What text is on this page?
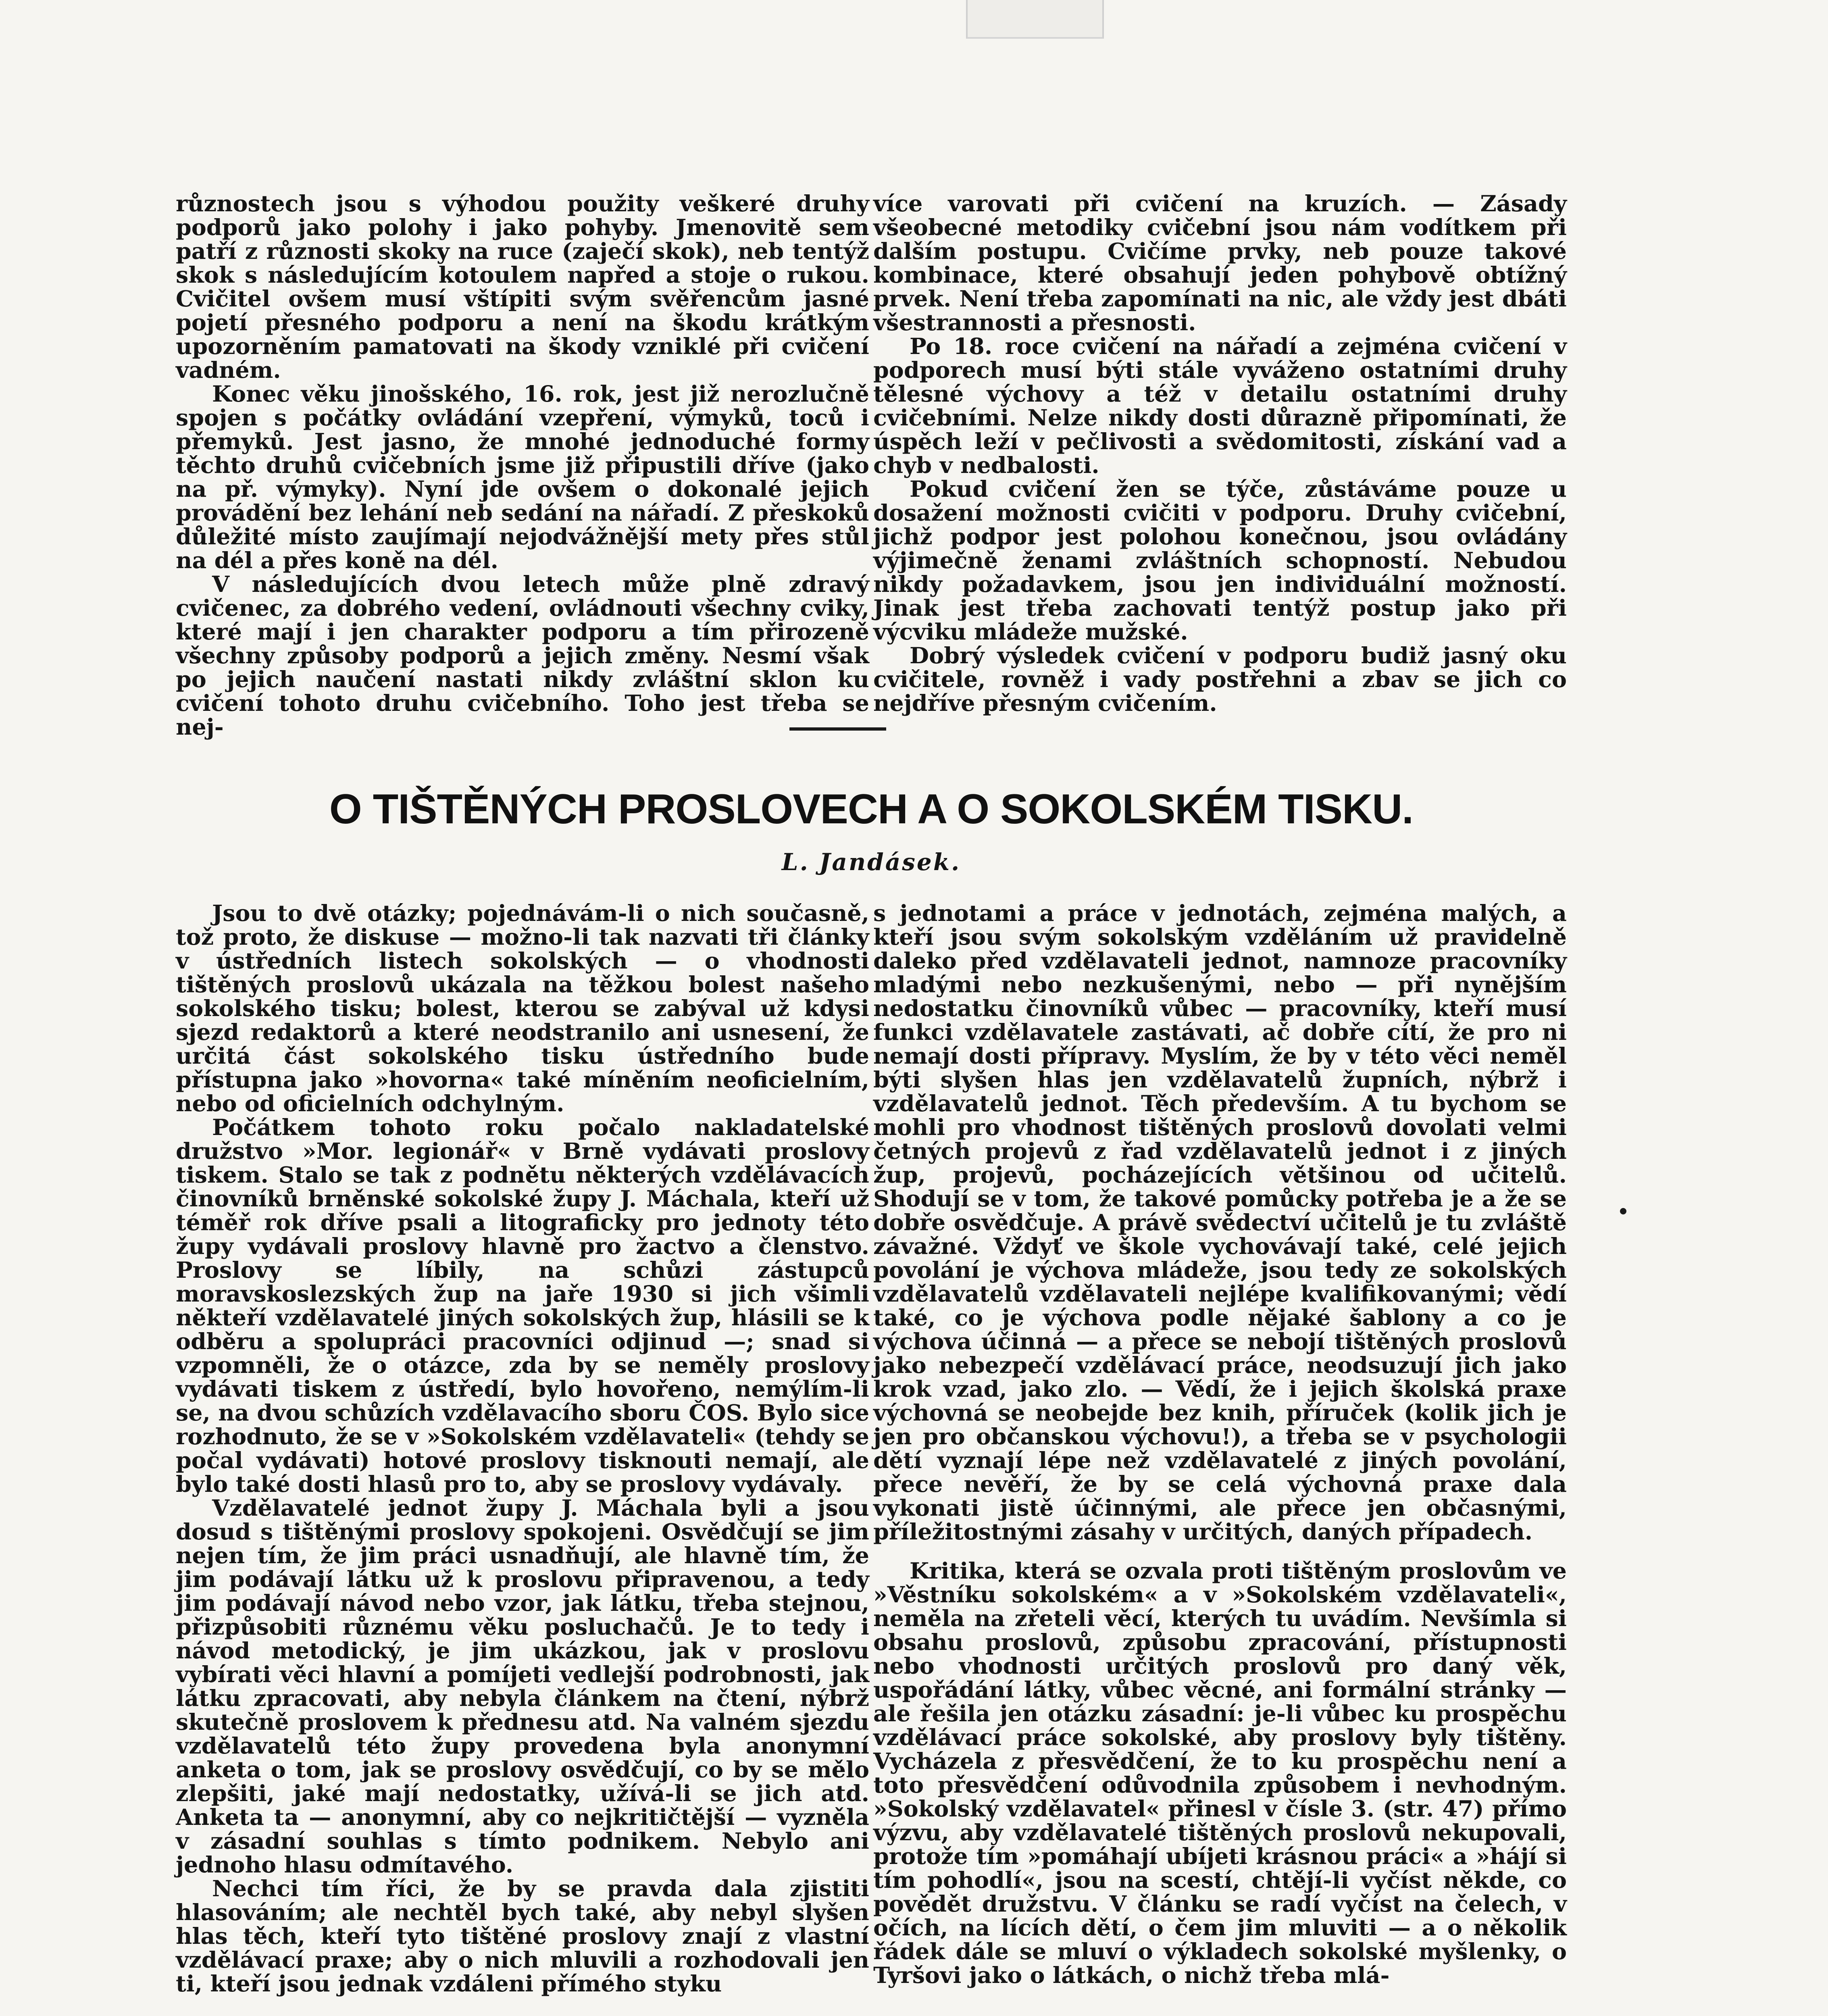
různostech jsou s výhodou použity veškeré druhy podporů jako polohy i jako pohyby. Jmenovitě sem patří z různosti skoky na ruce (zaječí skok), neb tentýž skok s následujícím kotoulem napřed a stoje o rukou. Cvičitel ovšem musí vštípiti svým svěřencům jasné pojetí přesného podporu a není na škodu krátkým upozorněním pamatovati na škody vzniklé při cvičení vadném.

Konec věku jinošského, 16. rok, jest již nerozlučně spojen s počátky ovládání vzepření, výmyků, toců i přemyků. Jest jasno, že mnohé jednoduché formy těchto druhů cvičebních jsme již připustili dříve (jako na př. výmyky). Nyní jde ovšem o dokonalé jejich provádění bez lehání neb sedání na nářadí. Z přeskoků důležité místo zaujímají nejodvážnější mety přes stůl na dél a přes koně na dél.

V následujících dvou letech může plně zdravý cvičenec, za dobrého vedení, ovládnouti všechny cviky, které mají i jen charakter podporu a tím přirozeně všechny způsoby podporů a jejich změny. Nesmí však po jejich naučení nastati nikdy zvláštní sklon ku cvičení tohoto druhu cvičebního. Toho jest třeba se nej-

více varovati při cvičení na kruzích. — Zásady všeobecné metodiky cvičební jsou nám vodítkem při dalším postupu. Cvičíme prvky, neb pouze takové kombinace, které obsahují jeden pohybově obtížný prvek. Není třeba zapomínati na nic, ale vždy jest dbáti všestrannosti a přesnosti.

Po 18. roce cvičení na nářadí a zejména cvičení v podporech musí býti stále vyváženo ostatními druhy tělesné výchovy a též v detailu ostatními druhy cvičebními. Nelze nikdy dosti důrazně připomínati, že úspěch leží v pečlivosti a svědomitosti, získání vad a chyb v nedbalosti.

Pokud cvičení žen se týče, zůstáváme pouze u dosažení možnosti cvičiti v podporu. Druhy cvičební, jichž podpor jest polohou konečnou, jsou ovládány výjimečně ženami zvláštních schopností. Nebudou nikdy požadavkem, jsou jen individuální možností. Jinak jest třeba zachovati tentýž postup jako při výcviku mládeže mužské.

Dobrý výsledek cvičení v podporu budiž jasný oku cvičitele, rovněž i vady postřehni a zbav se jich co nejdříve přesným cvičením.

O TIŠTĚNÝCH PROSLOVECH A O SOKOLSKÉM TISKU.
L. Jandásek.

Jsou to dvě otázky; pojednávám-li o nich současně, tož proto, že diskuse — možno-li tak nazvati tři články v ústředních listech sokolských — o vhodnosti tištěných proslovů ukázala na těžkou bolest našeho sokolského tisku; bolest, kterou se zabýval už kdysi sjezd redaktorů a které neodstranilo ani usnesení, že určitá část sokolského tisku ústředního bude přístupna jako »hovorna« také míněním neoficielním, nebo od oficielních odchylným.

Počátkem tohoto roku počalo nakladatelské družstvo »Mor. legionář« v Brně vydávati proslovy tiskem. Stalo se tak z podnětu některých vzdělávacích činovníků brněnské sokolské župy J. Máchala, kteří už téměř rok dříve psali a litograficky pro jednoty této župy vydávali proslovy hlavně pro žactvo a členstvo. Proslovy se líbily, na schůzi zástupců moravskoslezských žup na jaře 1930 si jich všimli někteří vzdělavatelé jiných sokolských žup, hlásili se k odběru a spolupráci pracovníci odjinud —; snad si vzpomněli, že o otázce, zda by se neměly proslovy vydávati tiskem z ústředí, bylo hovořeno, nemýlím-li se, na dvou schůzích vzdělavacího sboru ČOS. Bylo sice rozhodnuto, že se v »Sokolském vzdělavateli« (tehdy se počal vydávati) hotové proslovy tisknouti nemají, ale bylo také dosti hlasů pro to, aby se proslovy vydávaly.

Vzdělavatelé jednot župy J. Máchala byli a jsou dosud s tištěnými proslovy spokojeni. Osvědčují se jim nejen tím, že jim práci usnadňují, ale hlavně tím, že jim podávají látku už k proslovu připravenou, a tedy jim podávají návod nebo vzor, jak látku, třeba stejnou, přizpůsobiti různému věku posluchačů. Je to tedy i návod metodický, je jim ukázkou, jak v proslovu vybírati věci hlavní a pomíjeti vedlejší podrobnosti, jak látku zpracovati, aby nebyla článkem na čtení, nýbrž skutečně proslovem k přednesu atd. Na valném sjezdu vzdělavatelů této župy provedena byla anonymní anketa o tom, jak se proslovy osvědčují, co by se mělo zlepšiti, jaké mají nedostatky, užívá-li se jich atd. Anketa ta — anonymní, aby co nejkritičtější — vyzněla v zásadní souhlas s tímto podnikem. Nebylo ani jednoho hlasu odmítavého.

Nechci tím říci, že by se pravda dala zjistiti hlasováním; ale nechtěl bych také, aby nebyl slyšen hlas těch, kteří tyto tištěné proslovy znají z vlastní vzdělávací praxe; aby o nich mluvili a rozhodovali jen ti, kteří jsou jednak vzdáleni přímého styku

s jednotami a práce v jednotách, zejména malých, a kteří jsou svým sokolským vzděláním už pravidelně daleko před vzdělavateli jednot, namnoze pracovníky mladými nebo nezkušenými, nebo — při nynějším nedostatku činovníků vůbec — pracovníky, kteří musí funkci vzdělavatele zastávati, ač dobře cítí, že pro ni nemají dosti přípravy. Myslím, že by v této věci neměl býti slyšen hlas jen vzdělavatelů župních, nýbrž i vzdělavatelů jednot. Těch především. A tu bychom se mohli pro vhodnost tištěných proslovů dovolati velmi četných projevů z řad vzdělavatelů jednot i z jiných žup, projevů, pocházejících většinou od učitelů. Shodují se v tom, že takové pomůcky potřeba je a že se dobře osvědčuje. A právě svědectví učitelů je tu zvláště závažné. Vždyť ve škole vychovávají také, celé jejich povolání je výchova mládeže, jsou tedy ze sokolských vzdělavatelů vzdělavateli nejlépe kvalifikovanými; vědí také, co je výchova podle nějaké šablony a co je výchova účinná — a přece se nebojí tištěných proslovů jako nebezpečí vzdělávací práce, neodsuzují jich jako krok vzad, jako zlo. — Vědí, že i jejich školská praxe výchovná se neobejde bez knih, příruček (kolik jich je jen pro občanskou výchovu!), a třeba se v psychologii dětí vyznají lépe než vzdělavatelé z jiných povolání, přece nevěří, že by se celá výchovná praxe dala vykonati jistě účinnými, ale přece jen občasnými, příležitostnými zásahy v určitých, daných případech.

Kritika, která se ozvala proti tištěným proslovům ve »Věstníku sokolském« a v »Sokolském vzdělavateli«, neměla na zřeteli věcí, kterých tu uvádím. Nevšímla si obsahu proslovů, způsobu zpracování, přístupnosti nebo vhodnosti určitých proslovů pro daný věk, uspořádání látky, vůbec věcné, ani formální stránky — ale řešila jen otázku zásadní: je-li vůbec ku prospěchu vzdělávací práce sokolské, aby proslovy byly tištěny. Vycházela z přesvědčení, že to ku prospěchu není a toto přesvědčení odůvodnila způsobem i nevhodným. »Sokolský vzdělavatel« přinesl v čísle 3. (str. 47) přímo výzvu, aby vzdělavatelé tištěných proslovů nekupovali, protože tím »pomáhají ubíjeti krásnou práci« a »hájí si tím pohodlí«, jsou na scestí, chtějí-li vyčíst někde, co povědět družstvu. V článku se radí vyčíst na čelech, v očích, na lících dětí, o čem jim mluviti — a o několik řádek dále se mluví o výkladech sokolské myšlenky, o Tyršovi jako o látkách, o nichž třeba mlá-
